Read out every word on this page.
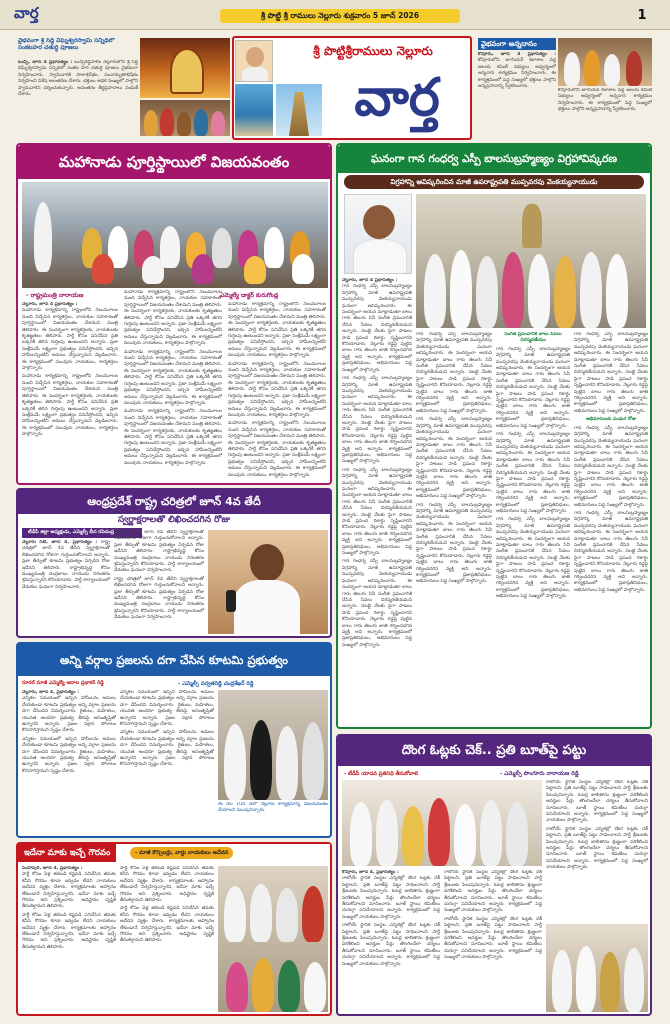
వార్త	శ్రీ పొట్టి శ్రీ రాములు నెల్లూరు శుక్రవారం 5 జూన్ 2026	1
వైభవంగా శ్రీ సిద్ది విఘ్నేశ్వరస్వామి సన్నిధిలో సంకటహర చతుర్ధి పూజలు
బుచ్చి, జూన్ 4 ప్రభానత్యం : బుచ్చిరెడ్డిపాలెం నెల్లూరులోని శ్రీ సిద్ధి విఘ్నేశ్వరస్వామి సన్నిధిలో సంకట హర చతుర్ధి పూజలు వైభవంగా నిర్వహించారు. స్వామివారికి పాలాభిషేకం, పంచామృతాభిషేకం నిర్వహించి విశేష అలంకరణ చేశారు. భక్తులు అధిక సంఖ్యలో పాల్గొని స్వామివారిని దర్శించుకున్నారు. అనంతరం తీర్థప్రసాదాలు పంపిణీ చేశారు.
శ్రీ పొట్టిశ్రీరాములు నెల్లూరు
వార్త
వైభవంగా అన్నదానం
కోవూరు, జూన్ 4 ప్రభానత్యం : కోవూరులోని జూనియర్ కళాశాల వద్ద ఆలయ కమిటీ సభ్యులు ఆధ్వర్యంలో అన్నదాన కార్యక్రమం నిర్వహించారు. ఈ కార్యక్రమంలో పెద్ద సంఖ్యలో భక్తులు పాల్గొని అన్నప్రసాదాన్ని స్వీకరించారు.
కోవూరులోని జూనియర్ కళాశాల వద్ద ఆలయ కమిటీ సభ్యులు ఆధ్వర్యంలో అన్నదాన కార్యక్రమం నిర్వహించారు. ఈ కార్యక్రమంలో పెద్ద సంఖ్యలో భక్తులు పాల్గొని అన్నప్రసాదాన్ని స్వీకరించారు.
మహానాడు పూర్తిస్థాయిలో విజయవంతం
- రాష్ట్రమంత్రి నారాయణ	ఎమ్మెల్యే డాక్టర్ కురుగొండ్ల
నెల్లూరు, జూన్ 4 ప్రభానత్యం :
మహానాడు కార్యక్రమాన్ని రాష్ట్రంలోని నలుమూలల నుంచి విచ్చేసిన కార్యకర్తలు, నాయకుల సహకారంతో పూర్తిస్థాయిలో విజయవంతం చేశామని మంత్రి తెలిపారు. ఈ సందర్భంగా కార్యకర్తలకు, నాయకులకు కృతజ్ఞతలు తెలిపారు. పార్టీ కోసం పనిచేసిన ప్రతి ఒక్కరికీ తగిన గుర్తింపు ఉంటుందని అన్నారు. ప్రజా సంక్షేమమే లక్ష్యంగా ప్రభుత్వం పనిచేస్తోందని, ఇచ్చిన హామీలన్నింటినీ అమలు చేస్తున్నామని వెల్లడించారు. ఈ కార్యక్రమంలో పలువురు నాయకులు, కార్యకర్తలు పాల్గొన్నారు.
మహానాడు కార్యక్రమాన్ని రాష్ట్రంలోని నలుమూలల నుంచి విచ్చేసిన కార్యకర్తలు, నాయకుల సహకారంతో పూర్తిస్థాయిలో విజయవంతం చేశామని మంత్రి తెలిపారు. ఈ సందర్భంగా కార్యకర్తలకు, నాయకులకు కృతజ్ఞతలు తెలిపారు. పార్టీ కోసం పనిచేసిన ప్రతి ఒక్కరికీ తగిన గుర్తింపు ఉంటుందని అన్నారు. ప్రజా సంక్షేమమే లక్ష్యంగా ప్రభుత్వం పనిచేస్తోందని, ఇచ్చిన హామీలన్నింటినీ అమలు చేస్తున్నామని వెల్లడించారు. ఈ కార్యక్రమంలో పలువురు నాయకులు, కార్యకర్తలు పాల్గొన్నారు.
మహానాడు కార్యక్రమాన్ని రాష్ట్రంలోని నలుమూలల నుంచి విచ్చేసిన కార్యకర్తలు, నాయకుల సహకారంతో పూర్తిస్థాయిలో విజయవంతం చేశామని మంత్రి తెలిపారు. ఈ సందర్భంగా కార్యకర్తలకు, నాయకులకు కృతజ్ఞతలు తెలిపారు. పార్టీ కోసం పనిచేసిన ప్రతి ఒక్కరికీ తగిన గుర్తింపు ఉంటుందని అన్నారు. ప్రజా సంక్షేమమే లక్ష్యంగా ప్రభుత్వం పనిచేస్తోందని, ఇచ్చిన హామీలన్నింటినీ అమలు చేస్తున్నామని వెల్లడించారు. ఈ కార్యక్రమంలో పలువురు నాయకులు, కార్యకర్తలు పాల్గొన్నారు.
మహానాడు కార్యక్రమాన్ని రాష్ట్రంలోని నలుమూలల నుంచి విచ్చేసిన కార్యకర్తలు, నాయకుల సహకారంతో పూర్తిస్థాయిలో విజయవంతం చేశామని మంత్రి తెలిపారు. ఈ సందర్భంగా కార్యకర్తలకు, నాయకులకు కృతజ్ఞతలు తెలిపారు. పార్టీ కోసం పనిచేసిన ప్రతి ఒక్కరికీ తగిన గుర్తింపు ఉంటుందని అన్నారు. ప్రజా సంక్షేమమే లక్ష్యంగా ప్రభుత్వం పనిచేస్తోందని, ఇచ్చిన హామీలన్నింటినీ అమలు చేస్తున్నామని వెల్లడించారు. ఈ కార్యక్రమంలో పలువురు నాయకులు, కార్యకర్తలు పాల్గొన్నారు.
మహానాడు కార్యక్రమాన్ని రాష్ట్రంలోని నలుమూలల నుంచి విచ్చేసిన కార్యకర్తలు, నాయకుల సహకారంతో పూర్తిస్థాయిలో విజయవంతం చేశామని మంత్రి తెలిపారు. ఈ సందర్భంగా కార్యకర్తలకు, నాయకులకు కృతజ్ఞతలు తెలిపారు. పార్టీ కోసం పనిచేసిన ప్రతి ఒక్కరికీ తగిన గుర్తింపు ఉంటుందని అన్నారు. ప్రజా సంక్షేమమే లక్ష్యంగా ప్రభుత్వం పనిచేస్తోందని, ఇచ్చిన హామీలన్నింటినీ అమలు చేస్తున్నామని వెల్లడించారు. ఈ కార్యక్రమంలో పలువురు నాయకులు, కార్యకర్తలు పాల్గొన్నారు.
మహానాడు కార్యక్రమాన్ని రాష్ట్రంలోని నలుమూలల నుంచి విచ్చేసిన కార్యకర్తలు, నాయకుల సహకారంతో పూర్తిస్థాయిలో విజయవంతం చేశామని మంత్రి తెలిపారు. ఈ సందర్భంగా కార్యకర్తలకు, నాయకులకు కృతజ్ఞతలు తెలిపారు. పార్టీ కోసం పనిచేసిన ప్రతి ఒక్కరికీ తగిన గుర్తింపు ఉంటుందని అన్నారు. ప్రజా సంక్షేమమే లక్ష్యంగా ప్రభుత్వం పనిచేస్తోందని, ఇచ్చిన హామీలన్నింటినీ అమలు చేస్తున్నామని వెల్లడించారు. ఈ కార్యక్రమంలో పలువురు నాయకులు, కార్యకర్తలు పాల్గొన్నారు.
మహానాడు కార్యక్రమాన్ని రాష్ట్రంలోని నలుమూలల నుంచి విచ్చేసిన కార్యకర్తలు, నాయకుల సహకారంతో పూర్తిస్థాయిలో విజయవంతం చేశామని మంత్రి తెలిపారు. ఈ సందర్భంగా కార్యకర్తలకు, నాయకులకు కృతజ్ఞతలు తెలిపారు. పార్టీ కోసం పనిచేసిన ప్రతి ఒక్కరికీ తగిన గుర్తింపు ఉంటుందని అన్నారు. ప్రజా సంక్షేమమే లక్ష్యంగా ప్రభుత్వం పనిచేస్తోందని, ఇచ్చిన హామీలన్నింటినీ అమలు చేస్తున్నామని వెల్లడించారు. ఈ కార్యక్రమంలో పలువురు నాయకులు, కార్యకర్తలు పాల్గొన్నారు.
మహానాడు కార్యక్రమాన్ని రాష్ట్రంలోని నలుమూలల నుంచి విచ్చేసిన కార్యకర్తలు, నాయకుల సహకారంతో పూర్తిస్థాయిలో విజయవంతం చేశామని మంత్రి తెలిపారు. ఈ సందర్భంగా కార్యకర్తలకు, నాయకులకు కృతజ్ఞతలు తెలిపారు. పార్టీ కోసం పనిచేసిన ప్రతి ఒక్కరికీ తగిన గుర్తింపు ఉంటుందని అన్నారు. ప్రజా సంక్షేమమే లక్ష్యంగా ప్రభుత్వం పనిచేస్తోందని, ఇచ్చిన హామీలన్నింటినీ అమలు చేస్తున్నామని వెల్లడించారు. ఈ కార్యక్రమంలో పలువురు నాయకులు, కార్యకర్తలు పాల్గొన్నారు.
ఘనంగా గాన గంధర్వ ఎస్పీ బాలసుబ్రహ్మణ్యం విగ్రహావిష్కరణ
విగ్రహాన్ని ఆవిష్కరించిన మాజీ ఉపరాష్ట్రపతి ముప్పవరపు వెంకయ్యనాయుడు
నెల్లూరు, జూన్ 4 ప్రభానత్యం :
గాన గంధర్వ ఎస్పీ బాలసుబ్రహ్మణ్యం విగ్రహాన్ని మాజీ ఉపరాష్ట్రపతి ముప్పవరపు వెంకయ్యనాయుడు ఘనంగా ఆవిష్కరించారు. ఈ సందర్భంగా ఆయన మాట్లాడుతూ బాలు గారు తెలుగు సినీ సంగీత ప్రపంచానికి చేసిన సేవలు చిరస్మరణీయమని అన్నారు. నలభై వేలకు పైగా పాటలు పాడి ప్రపంచ రికార్డు సృష్టించారని కొనియాడారు. నెల్లూరు గడ్డపై పుట్టిన బాలు గారు తెలుగు జాతి గర్వించదగిన వ్యక్తి అని అన్నారు. కార్యక్రమంలో ప్రజాప్రతినిధులు, అభిమానులు పెద్ద సంఖ్యలో పాల్గొన్నారు.
గాన గంధర్వ ఎస్పీ బాలసుబ్రహ్మణ్యం విగ్రహాన్ని మాజీ ఉపరాష్ట్రపతి ముప్పవరపు వెంకయ్యనాయుడు ఘనంగా ఆవిష్కరించారు. ఈ సందర్భంగా ఆయన మాట్లాడుతూ బాలు గారు తెలుగు సినీ సంగీత ప్రపంచానికి చేసిన సేవలు చిరస్మరణీయమని అన్నారు. నలభై వేలకు పైగా పాటలు పాడి ప్రపంచ రికార్డు సృష్టించారని కొనియాడారు. నెల్లూరు గడ్డపై పుట్టిన బాలు గారు తెలుగు జాతి గర్వించదగిన వ్యక్తి అని అన్నారు. కార్యక్రమంలో ప్రజాప్రతినిధులు, అభిమానులు పెద్ద సంఖ్యలో పాల్గొన్నారు.
గాన గంధర్వ ఎస్పీ బాలసుబ్రహ్మణ్యం విగ్రహాన్ని మాజీ ఉపరాష్ట్రపతి ముప్పవరపు వెంకయ్యనాయుడు ఘనంగా ఆవిష్కరించారు. ఈ సందర్భంగా ఆయన మాట్లాడుతూ బాలు గారు తెలుగు సినీ సంగీత ప్రపంచానికి చేసిన సేవలు చిరస్మరణీయమని అన్నారు. నలభై వేలకు పైగా పాటలు పాడి ప్రపంచ రికార్డు సృష్టించారని కొనియాడారు. నెల్లూరు గడ్డపై పుట్టిన బాలు గారు తెలుగు జాతి గర్వించదగిన వ్యక్తి అని అన్నారు. కార్యక్రమంలో ప్రజాప్రతినిధులు, అభిమానులు పెద్ద సంఖ్యలో పాల్గొన్నారు.
గాన గంధర్వ ఎస్పీ బాలసుబ్రహ్మణ్యం విగ్రహాన్ని మాజీ ఉపరాష్ట్రపతి ముప్పవరపు వెంకయ్యనాయుడు ఘనంగా ఆవిష్కరించారు. ఈ సందర్భంగా ఆయన మాట్లాడుతూ బాలు గారు తెలుగు సినీ సంగీత ప్రపంచానికి చేసిన సేవలు చిరస్మరణీయమని అన్నారు. నలభై వేలకు పైగా పాటలు పాడి ప్రపంచ రికార్డు సృష్టించారని కొనియాడారు. నెల్లూరు గడ్డపై పుట్టిన బాలు గారు తెలుగు జాతి గర్వించదగిన వ్యక్తి అని అన్నారు. కార్యక్రమంలో ప్రజాప్రతినిధులు, అభిమానులు పెద్ద సంఖ్యలో పాల్గొన్నారు.
గాన గంధర్వ ఎస్పీ బాలసుబ్రహ్మణ్యం విగ్రహాన్ని మాజీ ఉపరాష్ట్రపతి ముప్పవరపు వెంకయ్యనాయుడు ఘనంగా ఆవిష్కరించారు. ఈ సందర్భంగా ఆయన మాట్లాడుతూ బాలు గారు తెలుగు సినీ సంగీత ప్రపంచానికి చేసిన సేవలు చిరస్మరణీయమని అన్నారు. నలభై వేలకు పైగా పాటలు పాడి ప్రపంచ రికార్డు సృష్టించారని కొనియాడారు. నెల్లూరు గడ్డపై పుట్టిన బాలు గారు తెలుగు జాతి గర్వించదగిన వ్యక్తి అని అన్నారు. కార్యక్రమంలో ప్రజాప్రతినిధులు, అభిమానులు పెద్ద సంఖ్యలో పాల్గొన్నారు.
గాన గంధర్వ ఎస్పీ బాలసుబ్రహ్మణ్యం విగ్రహాన్ని మాజీ ఉపరాష్ట్రపతి ముప్పవరపు వెంకయ్యనాయుడు ఘనంగా ఆవిష్కరించారు. ఈ సందర్భంగా ఆయన మాట్లాడుతూ బాలు గారు తెలుగు సినీ సంగీత ప్రపంచానికి చేసిన సేవలు చిరస్మరణీయమని అన్నారు. నలభై వేలకు పైగా పాటలు పాడి ప్రపంచ రికార్డు సృష్టించారని కొనియాడారు. నెల్లూరు గడ్డపై పుట్టిన బాలు గారు తెలుగు జాతి గర్వించదగిన వ్యక్తి అని అన్నారు. కార్యక్రమంలో ప్రజాప్రతినిధులు, అభిమానులు పెద్ద సంఖ్యలో పాల్గొన్నారు.
గాన గంధర్వ ఎస్పీ బాలసుబ్రహ్మణ్యం విగ్రహాన్ని మాజీ ఉపరాష్ట్రపతి ముప్పవరపు వెంకయ్యనాయుడు ఘనంగా ఆవిష్కరించారు. ఈ సందర్భంగా ఆయన మాట్లాడుతూ బాలు గారు తెలుగు సినీ సంగీత ప్రపంచానికి చేసిన సేవలు చిరస్మరణీయమని అన్నారు. నలభై వేలకు పైగా పాటలు పాడి ప్రపంచ రికార్డు సృష్టించారని కొనియాడారు. నెల్లూరు గడ్డపై పుట్టిన బాలు గారు తెలుగు జాతి గర్వించదగిన వ్యక్తి అని అన్నారు. కార్యక్రమంలో ప్రజాప్రతినిధులు, అభిమానులు పెద్ద సంఖ్యలో పాల్గొన్నారు.
సంగీత ప్రపంచానికి బాలు సేవలు చిరస్మరణీయం
గాన గంధర్వ ఎస్పీ బాలసుబ్రహ్మణ్యం విగ్రహాన్ని మాజీ ఉపరాష్ట్రపతి ముప్పవరపు వెంకయ్యనాయుడు ఘనంగా ఆవిష్కరించారు. ఈ సందర్భంగా ఆయన మాట్లాడుతూ బాలు గారు తెలుగు సినీ సంగీత ప్రపంచానికి చేసిన సేవలు చిరస్మరణీయమని అన్నారు. నలభై వేలకు పైగా పాటలు పాడి ప్రపంచ రికార్డు సృష్టించారని కొనియాడారు. నెల్లూరు గడ్డపై పుట్టిన బాలు గారు తెలుగు జాతి గర్వించదగిన వ్యక్తి అని అన్నారు. కార్యక్రమంలో ప్రజాప్రతినిధులు, అభిమానులు పెద్ద సంఖ్యలో పాల్గొన్నారు.
గాన గంధర్వ ఎస్పీ బాలసుబ్రహ్మణ్యం విగ్రహాన్ని మాజీ ఉపరాష్ట్రపతి ముప్పవరపు వెంకయ్యనాయుడు ఘనంగా ఆవిష్కరించారు. ఈ సందర్భంగా ఆయన మాట్లాడుతూ బాలు గారు తెలుగు సినీ సంగీత ప్రపంచానికి చేసిన సేవలు చిరస్మరణీయమని అన్నారు. నలభై వేలకు పైగా పాటలు పాడి ప్రపంచ రికార్డు సృష్టించారని కొనియాడారు. నెల్లూరు గడ్డపై పుట్టిన బాలు గారు తెలుగు జాతి గర్వించదగిన వ్యక్తి అని అన్నారు. కార్యక్రమంలో ప్రజాప్రతినిధులు, అభిమానులు పెద్ద సంఖ్యలో పాల్గొన్నారు.
గాన గంధర్వ ఎస్పీ బాలసుబ్రహ్మణ్యం విగ్రహాన్ని మాజీ ఉపరాష్ట్రపతి ముప్పవరపు వెంకయ్యనాయుడు ఘనంగా ఆవిష్కరించారు. ఈ సందర్భంగా ఆయన మాట్లాడుతూ బాలు గారు తెలుగు సినీ సంగీత ప్రపంచానికి చేసిన సేవలు చిరస్మరణీయమని అన్నారు. నలభై వేలకు పైగా పాటలు పాడి ప్రపంచ రికార్డు సృష్టించారని కొనియాడారు. నెల్లూరు గడ్డపై పుట్టిన బాలు గారు తెలుగు జాతి గర్వించదగిన వ్యక్తి అని అన్నారు. కార్యక్రమంలో ప్రజాప్రతినిధులు, అభిమానులు పెద్ద సంఖ్యలో పాల్గొన్నారు.
గాన గంధర్వ ఎస్పీ బాలసుబ్రహ్మణ్యం విగ్రహాన్ని మాజీ ఉపరాష్ట్రపతి ముప్పవరపు వెంకయ్యనాయుడు ఘనంగా ఆవిష్కరించారు. ఈ సందర్భంగా ఆయన మాట్లాడుతూ బాలు గారు తెలుగు సినీ సంగీత ప్రపంచానికి చేసిన సేవలు చిరస్మరణీయమని అన్నారు. నలభై వేలకు పైగా పాటలు పాడి ప్రపంచ రికార్డు సృష్టించారని కొనియాడారు. నెల్లూరు గడ్డపై పుట్టిన బాలు గారు తెలుగు జాతి గర్వించదగిన వ్యక్తి అని అన్నారు. కార్యక్రమంలో ప్రజాప్రతినిధులు, అభిమానులు పెద్ద సంఖ్యలో పాల్గొన్నారు.
అభిమానులకు పండుగ రోజు
గాన గంధర్వ ఎస్పీ బాలసుబ్రహ్మణ్యం విగ్రహాన్ని మాజీ ఉపరాష్ట్రపతి ముప్పవరపు వెంకయ్యనాయుడు ఘనంగా ఆవిష్కరించారు. ఈ సందర్భంగా ఆయన మాట్లాడుతూ బాలు గారు తెలుగు సినీ సంగీత ప్రపంచానికి చేసిన సేవలు చిరస్మరణీయమని అన్నారు. నలభై వేలకు పైగా పాటలు పాడి ప్రపంచ రికార్డు సృష్టించారని కొనియాడారు. నెల్లూరు గడ్డపై పుట్టిన బాలు గారు తెలుగు జాతి గర్వించదగిన వ్యక్తి అని అన్నారు. కార్యక్రమంలో ప్రజాప్రతినిధులు, అభిమానులు పెద్ద సంఖ్యలో పాల్గొన్నారు.
గాన గంధర్వ ఎస్పీ బాలసుబ్రహ్మణ్యం విగ్రహాన్ని మాజీ ఉపరాష్ట్రపతి ముప్పవరపు వెంకయ్యనాయుడు ఘనంగా ఆవిష్కరించారు. ఈ సందర్భంగా ఆయన మాట్లాడుతూ బాలు గారు తెలుగు సినీ సంగీత ప్రపంచానికి చేసిన సేవలు చిరస్మరణీయమని అన్నారు. నలభై వేలకు పైగా పాటలు పాడి ప్రపంచ రికార్డు సృష్టించారని కొనియాడారు. నెల్లూరు గడ్డపై పుట్టిన బాలు గారు తెలుగు జాతి గర్వించదగిన వ్యక్తి అని అన్నారు. కార్యక్రమంలో ప్రజాప్రతినిధులు, అభిమానులు పెద్ద సంఖ్యలో పాల్గొన్నారు.
ఆంధ్రప్రదేశ్ రాష్ట్ర చరిత్రలో జూన్ 4వ తేదీ
స్వర్ణాక్షరాలతో లిఖించదగిన రోజు
టీడీపీ జిల్లా అధ్యక్షుడు, ఎమ్మెల్సీ బీద రవిచంద్ర
నెల్లూరు సిటీ, జూన్ 4, ప్రభానత్యం : రాష్ట్ర చరిత్రలో జూన్ 4వ తేదీని స్వర్ణాక్షరాలతో లిఖించదగిన రోజుగా గుర్తుంచుకోవాలని అన్నారు. ప్రజా తీర్పుతో కూటమి ప్రభుత్వం ఏర్పడిన రోజు ఇదేనని తెలిపారు. రాష్ట్రాభివృద్ధి కోసం ముఖ్యమంత్రి చంద్రబాబు నాయుడు నిరంతరం శ్రమిస్తున్నారని కొనియాడారు. పార్టీ కార్యాలయంలో వేడుకలు ఘనంగా నిర్వహించారు.
రాష్ట్ర చరిత్రలో జూన్ 4వ తేదీని స్వర్ణాక్షరాలతో లిఖించదగిన రోజుగా గుర్తుంచుకోవాలని అన్నారు. ప్రజా తీర్పుతో కూటమి ప్రభుత్వం ఏర్పడిన రోజు ఇదేనని తెలిపారు. రాష్ట్రాభివృద్ధి కోసం ముఖ్యమంత్రి చంద్రబాబు నాయుడు నిరంతరం శ్రమిస్తున్నారని కొనియాడారు. పార్టీ కార్యాలయంలో వేడుకలు ఘనంగా నిర్వహించారు.
రాష్ట్ర చరిత్రలో జూన్ 4వ తేదీని స్వర్ణాక్షరాలతో లిఖించదగిన రోజుగా గుర్తుంచుకోవాలని అన్నారు. ప్రజా తీర్పుతో కూటమి ప్రభుత్వం ఏర్పడిన రోజు ఇదేనని తెలిపారు. రాష్ట్రాభివృద్ధి కోసం ముఖ్యమంత్రి చంద్రబాబు నాయుడు నిరంతరం శ్రమిస్తున్నారని కొనియాడారు. పార్టీ కార్యాలయంలో వేడుకలు ఘనంగా నిర్వహించారు.
అన్ని వర్గాల ప్రజలను దగా చేసిన కూటమి ప్రభుత్వం
రూరల్ మాజీ ఎమ్మెల్యే ఆదాల ప్రభాకర్ రెడ్డి	- ఎమ్మెల్సీ పర్వతరెడ్డి చంద్రశేఖర్ రెడ్డి
నెల్లూరు, జూన్ 4, ప్రభానత్యం :
ఎన్నికల సమయంలో ఇచ్చిన హామీలను అమలు చేయకుండా కూటమి ప్రభుత్వం అన్ని వర్గాల ప్రజలను దగా చేసిందని విమర్శించారు. రైతులు, మహిళలు, యువత అందరూ ప్రభుత్వ తీరుపై అసంతృప్తితో ఉన్నారని అన్నారు. ప్రజల పక్షాన పోరాటం కొనసాగిస్తామని స్పష్టం చేశారు.
ఎన్నికల సమయంలో ఇచ్చిన హామీలను అమలు చేయకుండా కూటమి ప్రభుత్వం అన్ని వర్గాల ప్రజలను దగా చేసిందని విమర్శించారు. రైతులు, మహిళలు, యువత అందరూ ప్రభుత్వ తీరుపై అసంతృప్తితో ఉన్నారని అన్నారు. ప్రజల పక్షాన పోరాటం కొనసాగిస్తామని స్పష్టం చేశారు.
ఎన్నికల సమయంలో ఇచ్చిన హామీలను అమలు చేయకుండా కూటమి ప్రభుత్వం అన్ని వర్గాల ప్రజలను దగా చేసిందని విమర్శించారు. రైతులు, మహిళలు, యువత అందరూ ప్రభుత్వ తీరుపై అసంతృప్తితో ఉన్నారని అన్నారు. ప్రజల పక్షాన పోరాటం కొనసాగిస్తామని స్పష్టం చేశారు.
ఎన్నికల సమయంలో ఇచ్చిన హామీలను అమలు చేయకుండా కూటమి ప్రభుత్వం అన్ని వర్గాల ప్రజలను దగా చేసిందని విమర్శించారు. రైతులు, మహిళలు, యువత అందరూ ప్రభుత్వ తీరుపై అసంతృప్తితో ఉన్నారని అన్నారు. ప్రజల పక్షాన పోరాటం కొనసాగిస్తామని స్పష్టం చేశారు.
ఈ నెల 10న చలో నెల్లూరు కార్యక్రమాన్ని విజయవంతం చేయాలని పిలుపునిచ్చారు.
దొంగ ఓట్లకు చెక్.. ప్రతి బూత్‌పై పట్టు
- టీడీపీ యాదవ ప్రతినిధి తీసుకోవాలి	- ఎమ్మెల్సీ పొంగూరు నారాయణ రెడ్డి
రాబోయే స్థానిక సంస్థల ఎన్నికల్లో దొంగ ఓట్లకు చెక్ పెట్టాలని, ప్రతి బూత్‌పై పట్టు సాధించాలని పార్టీ శ్రేణులకు పిలుపునిచ్చారు. ఓటర్ల జాబితాను క్షుణ్ణంగా పరిశీలించి అనర్హుల పేర్లు తొలగించేలా చర్యలు తీసుకోవాలని సూచించారు. బూత్ స్థాయి కమిటీలు చురుగ్గా పనిచేయాలని అన్నారు. కార్యక్రమంలో పెద్ద సంఖ్యలో నాయకులు పాల్గొన్నారు.
రాబోయే స్థానిక సంస్థల ఎన్నికల్లో దొంగ ఓట్లకు చెక్ పెట్టాలని, ప్రతి బూత్‌పై పట్టు సాధించాలని పార్టీ శ్రేణులకు పిలుపునిచ్చారు. ఓటర్ల జాబితాను క్షుణ్ణంగా పరిశీలించి అనర్హుల పేర్లు తొలగించేలా చర్యలు తీసుకోవాలని సూచించారు. బూత్ స్థాయి కమిటీలు చురుగ్గా పనిచేయాలని అన్నారు. కార్యక్రమంలో పెద్ద సంఖ్యలో నాయకులు పాల్గొన్నారు.
కోవూరు, జూన్ 4, ప్రభానత్యం :
రాబోయే స్థానిక సంస్థల ఎన్నికల్లో దొంగ ఓట్లకు చెక్ పెట్టాలని, ప్రతి బూత్‌పై పట్టు సాధించాలని పార్టీ శ్రేణులకు పిలుపునిచ్చారు. ఓటర్ల జాబితాను క్షుణ్ణంగా పరిశీలించి అనర్హుల పేర్లు తొలగించేలా చర్యలు తీసుకోవాలని సూచించారు. బూత్ స్థాయి కమిటీలు చురుగ్గా పనిచేయాలని అన్నారు. కార్యక్రమంలో పెద్ద సంఖ్యలో నాయకులు పాల్గొన్నారు.
రాబోయే స్థానిక సంస్థల ఎన్నికల్లో దొంగ ఓట్లకు చెక్ పెట్టాలని, ప్రతి బూత్‌పై పట్టు సాధించాలని పార్టీ శ్రేణులకు పిలుపునిచ్చారు. ఓటర్ల జాబితాను క్షుణ్ణంగా పరిశీలించి అనర్హుల పేర్లు తొలగించేలా చర్యలు తీసుకోవాలని సూచించారు. బూత్ స్థాయి కమిటీలు చురుగ్గా పనిచేయాలని అన్నారు. కార్యక్రమంలో పెద్ద సంఖ్యలో నాయకులు పాల్గొన్నారు.
రాబోయే స్థానిక సంస్థల ఎన్నికల్లో దొంగ ఓట్లకు చెక్ పెట్టాలని, ప్రతి బూత్‌పై పట్టు సాధించాలని పార్టీ శ్రేణులకు పిలుపునిచ్చారు. ఓటర్ల జాబితాను క్షుణ్ణంగా పరిశీలించి అనర్హుల పేర్లు తొలగించేలా చర్యలు తీసుకోవాలని సూచించారు. బూత్ స్థాయి కమిటీలు చురుగ్గా పనిచేయాలని అన్నారు. కార్యక్రమంలో పెద్ద సంఖ్యలో నాయకులు పాల్గొన్నారు.
రాబోయే స్థానిక సంస్థల ఎన్నికల్లో దొంగ ఓట్లకు చెక్ పెట్టాలని, ప్రతి బూత్‌పై పట్టు సాధించాలని పార్టీ శ్రేణులకు పిలుపునిచ్చారు. ఓటర్ల జాబితాను క్షుణ్ణంగా పరిశీలించి అనర్హుల పేర్లు తొలగించేలా చర్యలు తీసుకోవాలని సూచించారు. బూత్ స్థాయి కమిటీలు చురుగ్గా పనిచేయాలని అన్నారు. కార్యక్రమంలో పెద్ద సంఖ్యలో నాయకులు పాల్గొన్నారు.
ఇదేనా మాకు ఇచ్చే గౌరవం	- మాజీ కౌన్సిలర్లు, వార్డు నాయకులు ఆవేదన
సింహపురి, జూన్ 4, ప్రభానత్యం :
పార్టీ కోసం ఏళ్ల తరబడి కష్టపడి పనిచేసిన తమకు కనీస గౌరవం కూడా ఇవ్వడం లేదని నాయకులు ఆవేదన వ్యక్తం చేశారు. కార్యక్రమాలకు ఆహ్వానం లేకుండానే నిర్వహిస్తున్నారని, ఇదేనా మాకు ఇచ్చే గౌరవం అని ప్రశ్నించారు. అధిష్టానం దృష్టికి తీసుకెళ్తామని తెలిపారు.
పార్టీ కోసం ఏళ్ల తరబడి కష్టపడి పనిచేసిన తమకు కనీస గౌరవం కూడా ఇవ్వడం లేదని నాయకులు ఆవేదన వ్యక్తం చేశారు. కార్యక్రమాలకు ఆహ్వానం లేకుండానే నిర్వహిస్తున్నారని, ఇదేనా మాకు ఇచ్చే గౌరవం అని ప్రశ్నించారు. అధిష్టానం దృష్టికి తీసుకెళ్తామని తెలిపారు.
పార్టీ కోసం ఏళ్ల తరబడి కష్టపడి పనిచేసిన తమకు కనీస గౌరవం కూడా ఇవ్వడం లేదని నాయకులు ఆవేదన వ్యక్తం చేశారు. కార్యక్రమాలకు ఆహ్వానం లేకుండానే నిర్వహిస్తున్నారని, ఇదేనా మాకు ఇచ్చే గౌరవం అని ప్రశ్నించారు. అధిష్టానం దృష్టికి తీసుకెళ్తామని తెలిపారు.
పార్టీ కోసం ఏళ్ల తరబడి కష్టపడి పనిచేసిన తమకు కనీస గౌరవం కూడా ఇవ్వడం లేదని నాయకులు ఆవేదన వ్యక్తం చేశారు. కార్యక్రమాలకు ఆహ్వానం లేకుండానే నిర్వహిస్తున్నారని, ఇదేనా మాకు ఇచ్చే గౌరవం అని ప్రశ్నించారు. అధిష్టానం దృష్టికి తీసుకెళ్తామని తెలిపారు.
